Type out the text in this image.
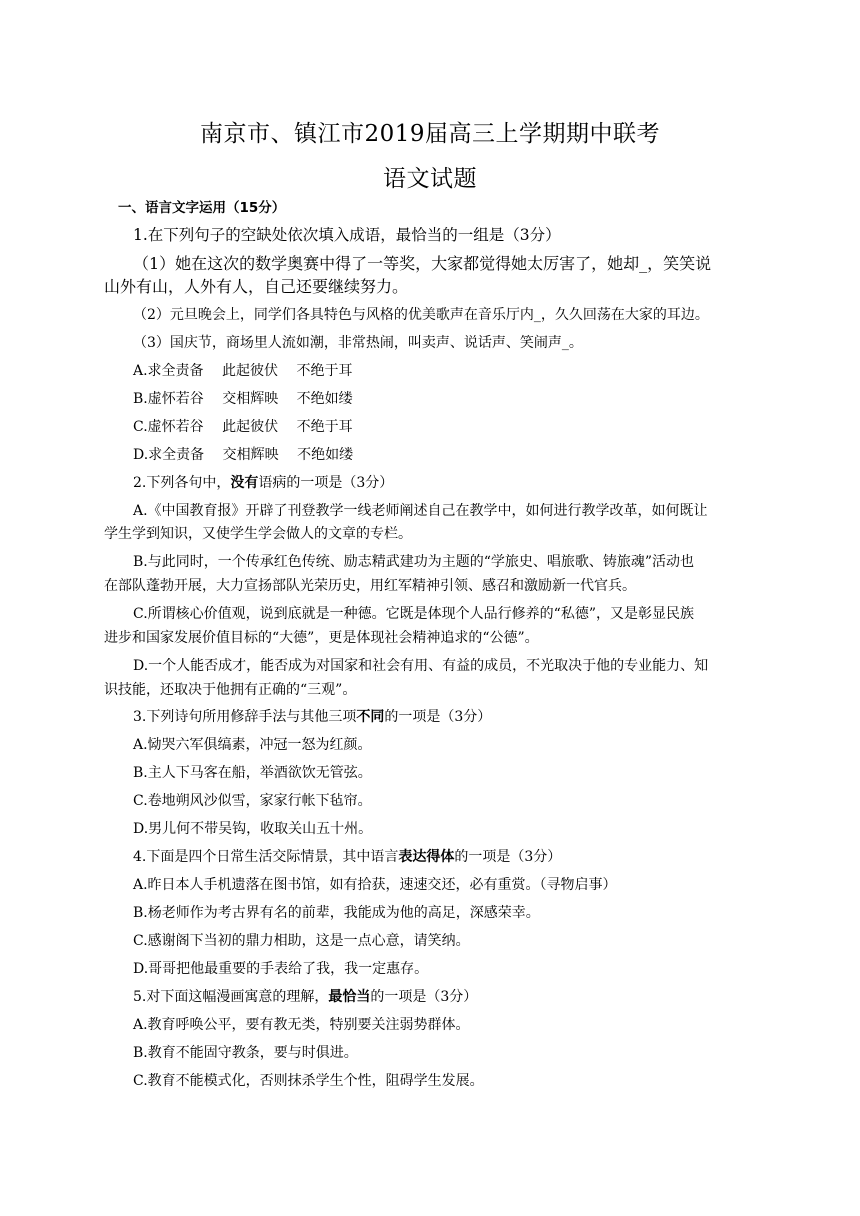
南京市、镇江市2019届高三上学期期中联考
语文试题
一、语言文字运用（15分）
1.在下列句子的空缺处依次填入成语，最恰当的一组是（3分）
（1）她在这次的数学奥赛中得了一等奖，大家都觉得她太厉害了，她却_，笑笑说
山外有山，人外有人，自己还要继续努力。
（2）元旦晚会上，同学们各具特色与风格的优美歌声在音乐厅内_，久久回荡在大家的耳边。
（3）国庆节，商场里人流如潮，非常热闹，叫卖声、说话声、笑闹声_。
A.求全责备　 此起彼伏　 不绝于耳
B.虚怀若谷　 交相辉映　 不绝如缕
C.虚怀若谷　 此起彼伏　 不绝于耳
D.求全责备　 交相辉映　 不绝如缕
2.下列各句中，没有语病的一项是（3分）
A.《中国教育报》开辟了刊登教学一线老师阐述自己在教学中，如何进行教学改革，如何既让
学生学到知识，又使学生学会做人的文章的专栏。
B.与此同时，一个传承红色传统、励志精武建功为主题的“学旅史、唱旅歌、铸旅魂”活动也
在部队蓬勃开展，大力宣扬部队光荣历史，用红军精神引领、感召和激励新一代官兵。
C.所谓核心价值观，说到底就是一种德。它既是体现个人品行修养的“私德”，又是彰显民族
进步和国家发展价值目标的“大德”，更是体现社会精神追求的“公德”。
D.一个人能否成才，能否成为对国家和社会有用、有益的成员，不光取决于他的专业能力、知
识技能，还取决于他拥有正确的“三观”。
3.下列诗句所用修辞手法与其他三项不同的一项是（3分）
A.恸哭六军俱缟素，冲冠一怒为红颜。
B.主人下马客在船，举酒欲饮无管弦。
C.卷地朔风沙似雪，家家行帐下毡帘。
D.男儿何不带吴钩，收取关山五十州。
4.下面是四个日常生活交际情景，其中语言表达得体的一项是（3分）
A.昨日本人手机遗落在图书馆，如有拾获，速速交还，必有重赏。（寻物启事）
B.杨老师作为考古界有名的前辈，我能成为他的高足，深感荣幸。
C.感谢阁下当初的鼎力相助，这是一点心意，请笑纳。
D.哥哥把他最重要的手表给了我，我一定惠存。
5.对下面这幅漫画寓意的理解，最恰当的一项是（3分）
A.教育呼唤公平，要有教无类，特别要关注弱势群体。
B.教育不能固守教条，要与时俱进。
C.教育不能模式化，否则抹杀学生个性，阻碍学生发展。
